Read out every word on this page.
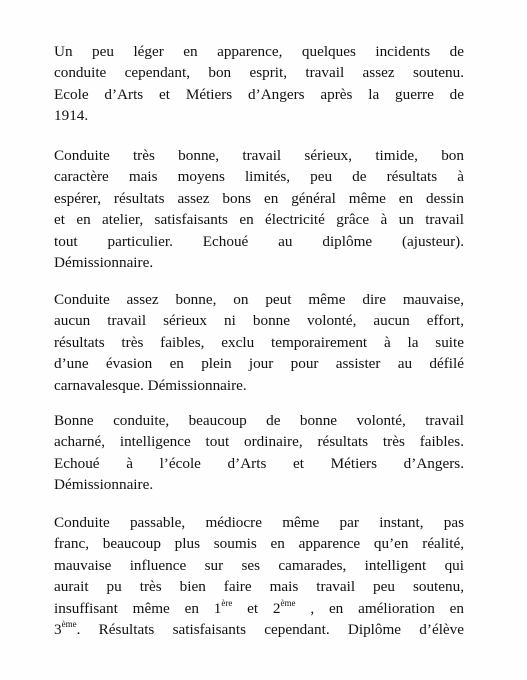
Un peu léger en apparence, quelques incidents de
conduite cependant, bon esprit, travail assez soutenu.
Ecole d’Arts et Métiers d’Angers après la guerre de
1914.

Conduite très bonne, travail sérieux, timide, bon
caractère mais moyens limités, peu de résultats à
espérer, résultats assez bons en général même en dessin
et en atelier, satisfaisants en électricité grâce à un travail
tout particulier. Echoué au diplôme (ajusteur).
Démissionnaire.

Conduite assez bonne, on peut même dire mauvaise,
aucun travail sérieux ni bonne volonté, aucun effort,
résultats très faibles, exclu temporairement à la suite
d’une évasion en plein jour pour assister au défilé
carnavalesque. Démissionnaire.

Bonne conduite, beaucoup de bonne volonté, travail
acharné, intelligence tout ordinaire, résultats très faibles.
Echoué à l’école d’Arts et Métiers d’Angers.
Démissionnaire.

Conduite passable, médiocre même par instant, pas
franc, beaucoup plus soumis en apparence qu’en réalité,
mauvaise influence sur ses camarades, intelligent qui
aurait pu très bien faire mais travail peu soutenu,
insuffisant même en 1ère et 2ème , en amélioration en
3ème. Résultats satisfaisants cependant. Diplôme d’élève
